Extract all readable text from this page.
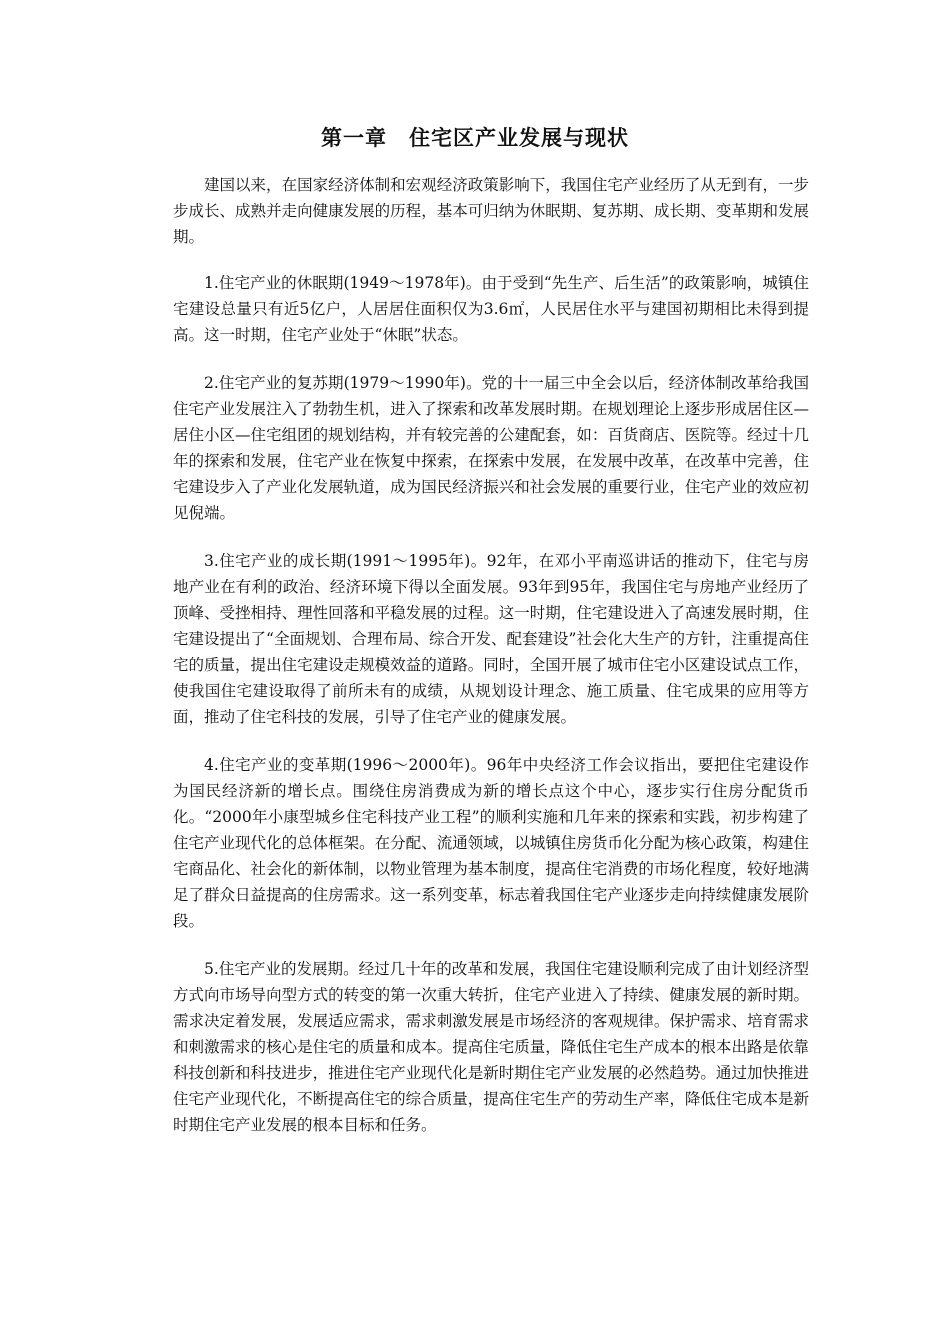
第一章　住宅区产业发展与现状

建国以来，在国家经济体制和宏观经济政策影响下，我国住宅产业经历了从无到有，一步步成长、成熟并走向健康发展的历程，基本可归纳为休眠期、复苏期、成长期、变革期和发展期。

1.住宅产业的休眠期(1949～1978年)。由于受到“先生产、后生活”的政策影响，城镇住宅建设总量只有近5亿户，人居居住面积仅为3.6㎡，人民居住水平与建国初期相比未得到提高。这一时期，住宅产业处于“休眠”状态。

2.住宅产业的复苏期(1979～1990年)。党的十一届三中全会以后，经济体制改革给我国住宅产业发展注入了勃勃生机，进入了探索和改革发展时期。在规划理论上逐步形成居住区—居住小区—住宅组团的规划结构，并有较完善的公建配套，如：百货商店、医院等。经过十几年的探索和发展，住宅产业在恢复中探索，在探索中发展，在发展中改革，在改革中完善，住宅建设步入了产业化发展轨道，成为国民经济振兴和社会发展的重要行业，住宅产业的效应初见倪端。

3.住宅产业的成长期(1991～1995年)。92年，在邓小平南巡讲话的推动下，住宅与房地产业在有利的政治、经济环境下得以全面发展。93年到95年，我国住宅与房地产业经历了顶峰、受挫相持、理性回落和平稳发展的过程。这一时期，住宅建设进入了高速发展时期，住宅建设提出了“全面规划、合理布局、综合开发、配套建设”社会化大生产的方针，注重提高住宅的质量，提出住宅建设走规模效益的道路。同时，全国开展了城市住宅小区建设试点工作，使我国住宅建设取得了前所未有的成绩，从规划设计理念、施工质量、住宅成果的应用等方面，推动了住宅科技的发展，引导了住宅产业的健康发展。

4.住宅产业的变革期(1996～2000年)。96年中央经济工作会议指出，要把住宅建设作为国民经济新的增长点。围绕住房消费成为新的增长点这个中心，逐步实行住房分配货币化。“2000年小康型城乡住宅科技产业工程”的顺利实施和几年来的探索和实践，初步构建了住宅产业现代化的总体框架。在分配、流通领域，以城镇住房货币化分配为核心政策，构建住宅商品化、社会化的新体制，以物业管理为基本制度，提高住宅消费的市场化程度，较好地满足了群众日益提高的住房需求。这一系列变革，标志着我国住宅产业逐步走向持续健康发展阶段。

5.住宅产业的发展期。经过几十年的改革和发展，我国住宅建设顺利完成了由计划经济型方式向市场导向型方式的转变的第一次重大转折，住宅产业进入了持续、健康发展的新时期。需求决定着发展，发展适应需求，需求刺激发展是市场经济的客观规律。保护需求、培育需求和刺激需求的核心是住宅的质量和成本。提高住宅质量，降低住宅生产成本的根本出路是依靠科技创新和科技进步，推进住宅产业现代化是新时期住宅产业发展的必然趋势。通过加快推进住宅产业现代化，不断提高住宅的综合质量，提高住宅生产的劳动生产率，降低住宅成本是新时期住宅产业发展的根本目标和任务。
